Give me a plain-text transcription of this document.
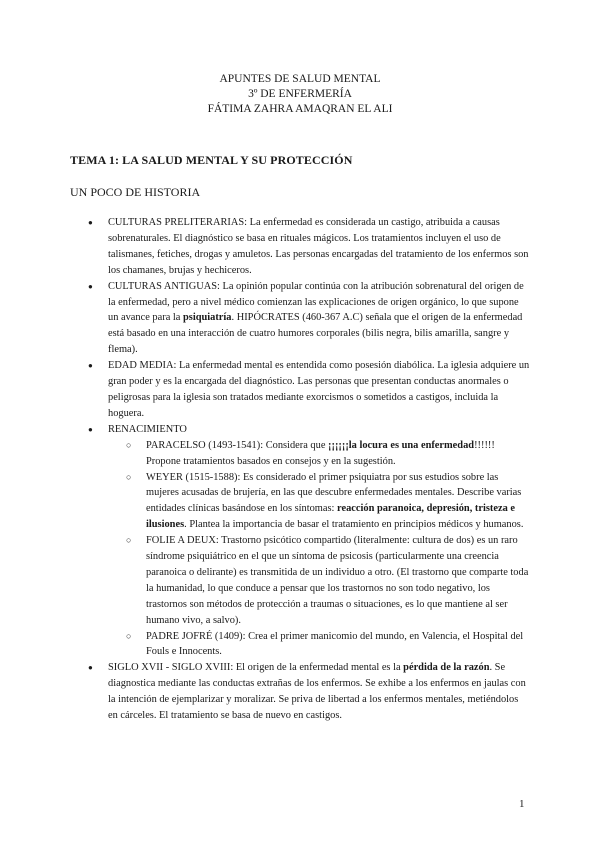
APUNTES DE SALUD MENTAL
3º DE ENFERMERÍA
FÁTIMA ZAHRA AMAQRAN EL ALI
TEMA 1: LA SALUD MENTAL Y SU PROTECCIÓN
UN POCO DE HISTORIA
● CULTURAS PRELITERARIAS: La enfermedad es considerada un castigo, atribuida a causas sobrenaturales. El diagnóstico se basa en rituales mágicos. Los tratamientos incluyen el uso de talismanes, fetiches, drogas y amuletos. Las personas encargadas del tratamiento de los enfermos son los chamanes, brujas y hechiceros.
● CULTURAS ANTIGUAS: La opinión popular continúa con la atribución sobrenatural del origen de la enfermedad, pero a nivel médico comienzan las explicaciones de origen orgánico, lo que supone un avance para la psiquiatría. HIPÓCRATES (460-367 A.C) señala que el origen de la enfermedad está basado en una interacción de cuatro humores corporales (bilis negra, bilis amarilla, sangre y flema).
● EDAD MEDIA: La enfermedad mental es entendida como posesión diabólica. La iglesia adquiere un gran poder y es la encargada del diagnóstico. Las personas que presentan conductas anormales o peligrosas para la iglesia son tratados mediante exorcismos o sometidos a castigos, incluida la hoguera.
● RENACIMIENTO
○ PARACELSO (1493-1541): Considera que ¡¡¡¡¡¡la locura es una enfermedad!!!!!! Propone tratamientos basados en consejos y en la sugestión.
○ WEYER (1515-1588): Es considerado el primer psiquiatra por sus estudios sobre las mujeres acusadas de brujería, en las que descubre enfermedades mentales. Describe varias entidades clínicas basándose en los síntomas: reacción paranoica, depresión, tristeza e ilusiones. Plantea la importancia de basar el tratamiento en principios médicos y humanos.
○ FOLIE A DEUX: Trastorno psicótico compartido (literalmente: cultura de dos) es un raro síndrome psiquiátrico en el que un síntoma de psicosis (particularmente una creencia paranoica o delirante) es transmitida de un individuo a otro. (El trastorno que comparte toda la humanidad, lo que conduce a pensar que los trastornos no son todo negativo, los trastornos son métodos de protección a traumas o situaciones, es lo que mantiene al ser humano vivo, a salvo).
○ PADRE JOFRÉ (1409): Crea el primer manicomio del mundo, en Valencia, el Hospital del Fouls e Innocents.
● SIGLO XVII - SIGLO XVIII: El origen de la enfermedad mental es la pérdida de la razón. Se diagnostica mediante las conductas extrañas de los enfermos. Se exhibe a los enfermos en jaulas con la intención de ejemplarizar y moralizar. Se priva de libertad a los enfermos mentales, metiéndolos en cárceles. El tratamiento se basa de nuevo en castigos.
1
